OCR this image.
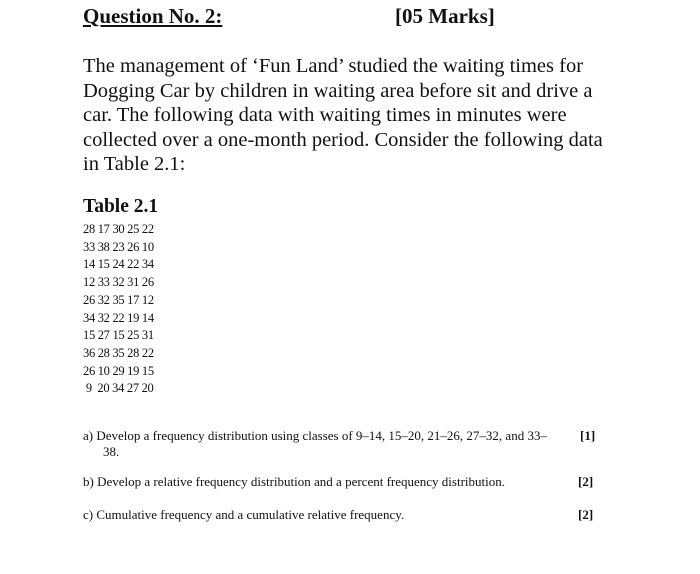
Question No. 2:	[05 Marks]
The management of ‘Fun Land’ studied the waiting times for Dogging Car by children in waiting area before sit and drive a car. The following data with waiting times in minutes were collected over a one-month period. Consider the following data in Table 2.1:
Table 2.1
28 17 30 25 22
33 38 23 26 10
14 15 24 22 34
12 33 32 31 26
26 32 35 17 12
34 32 22 19 14
15 27 15 25 31
36 28 35 28 22
26 10 29 19 15
9  20 34 27 20
a) Develop a frequency distribution using classes of 9–14, 15–20, 21–26, 27–32, and 33–
38.
[1]
b) Develop a relative frequency distribution and a percent frequency distribution.	[2]
c) Cumulative frequency and a cumulative relative frequency.	[2]
